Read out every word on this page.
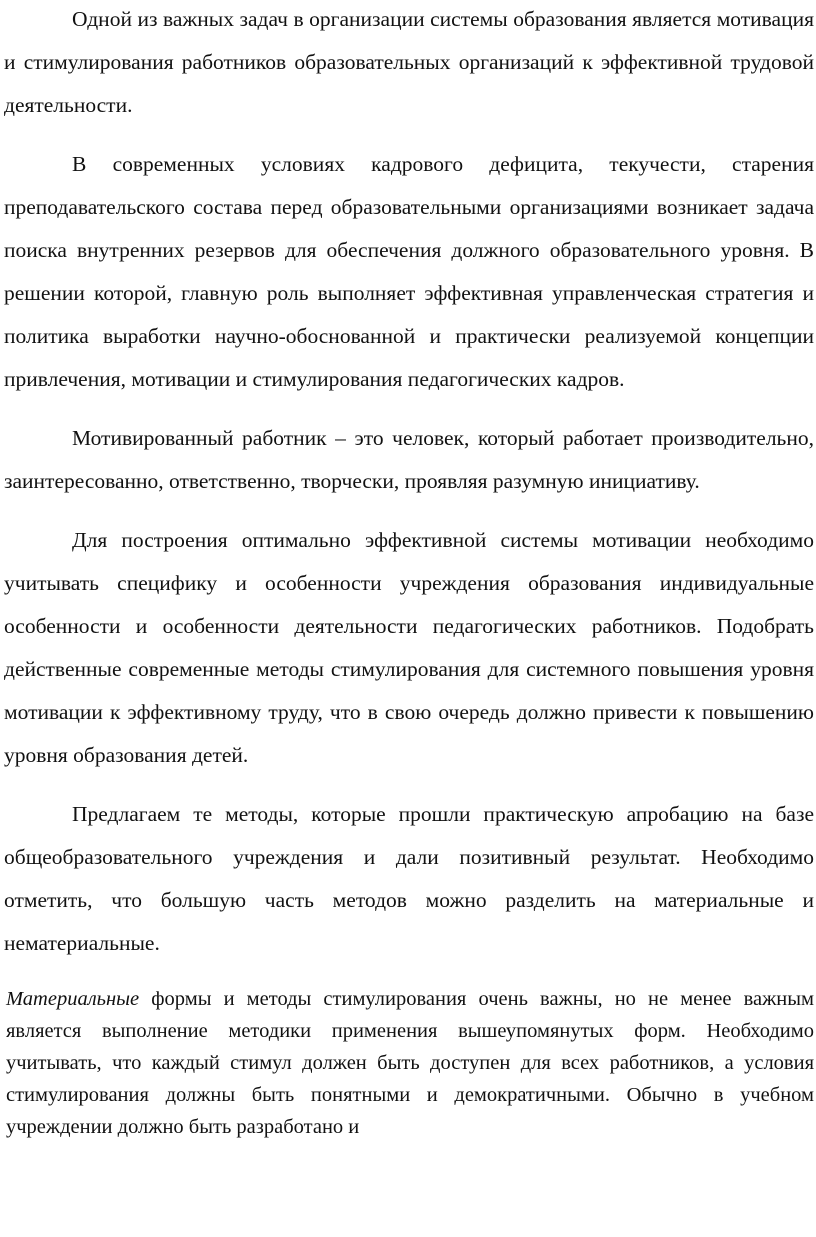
Одной из важных задач в организации системы образования является мотивация и стимулирования работников образовательных организаций к эффективной трудовой деятельности.

В современных условиях кадрового дефицита, текучести, старения преподавательского состава перед образовательными организациями возникает задача поиска внутренних резервов для обеспечения должного образовательного уровня. В решении которой, главную роль выполняет эффективная управленческая стратегия и политика выработки научно-обоснованной и практически реализуемой концепции привлечения, мотивации и стимулирования педагогических кадров.

Мотивированный работник – это человек, который работает производительно, заинтересованно, ответственно, творчески, проявляя разумную инициативу.

Для построения оптимально эффективной системы мотивации необходимо учитывать специфику и особенности учреждения образования индивидуальные особенности и особенности деятельности педагогических работников. Подобрать действенные современные методы стимулирования для системного повышения уровня мотивации к эффективному труду, что в свою очередь должно привести к повышению уровня образования детей.

Предлагаем те методы, которые прошли практическую апробацию на базе общеобразовательного учреждения и дали позитивный результат. Необходимо отметить, что большую часть методов можно разделить на материальные и нематериальные.

Материальные формы и методы стимулирования очень важны, но не менее важным является выполнение методики применения вышеупомянутых форм. Необходимо учитывать, что каждый стимул должен быть доступен для всех работников, а условия стимулирования должны быть понятными и демократичными. Обычно в учебном учреждении должно быть разработано и
